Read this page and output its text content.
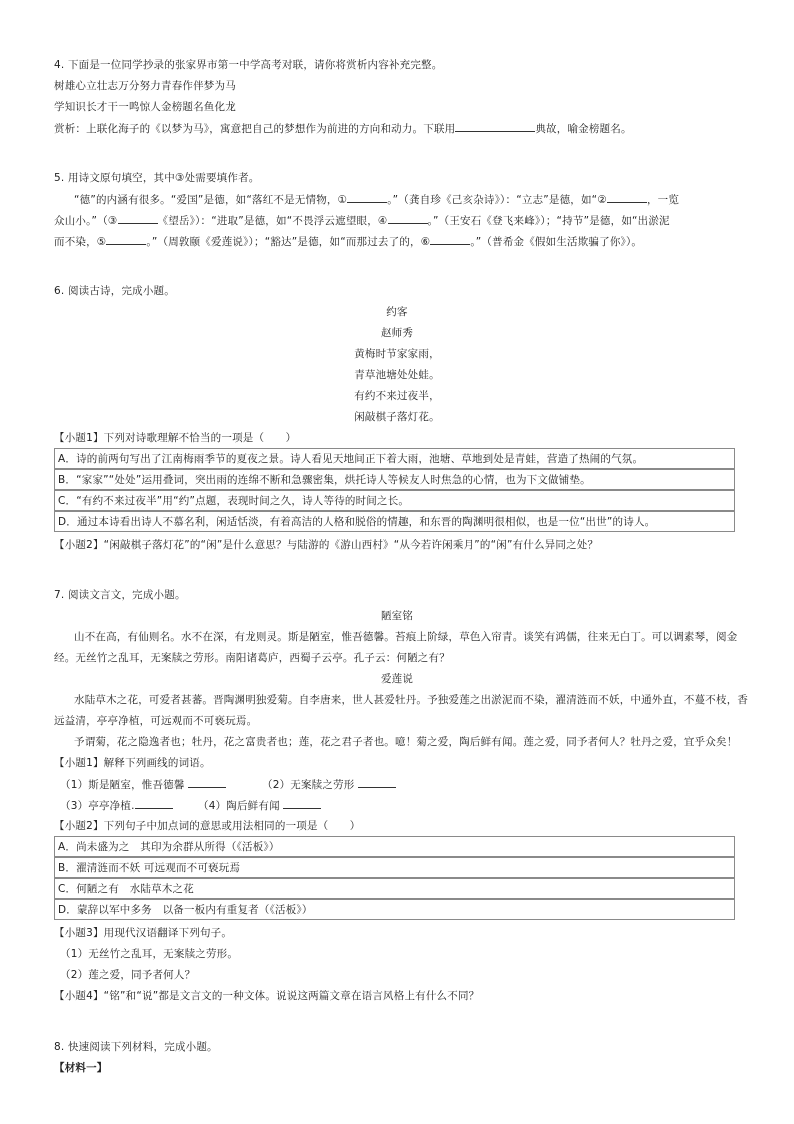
4. 下面是一位同学抄录的张家界市第一中学高考对联，请你将赏析内容补充完整。
树雄心立壮志万分努力青春作伴梦为马
学知识长才干一鸣惊人金榜题名鱼化龙
赏析：上联化海子的《以梦为马》，寓意把自己的梦想作为前进的方向和动力。下联用	典故，喻金榜题名。
5. 用诗文原句填空，其中③处需要填作者。
“德”的内涵有很多。“爱国”是德，如“落红不是无情物，①	。”（龚自珍《己亥杂诗》）：“立志”是德，如“②	，一览
众山小。”（③	《望岳》）：“进取”是德，如“不畏浮云遮望眼，④	。”（王安石《登飞来峰》）；“持节”是德，如“出淤泥
而不染，⑤	。”（周敦颐《爱莲说》）；“豁达”是德，如“而那过去了的，⑥	。”（普希金《假如生活欺骗了你》）。
6. 阅读古诗，完成小题。
约客
赵师秀
黄梅时节家家雨，
青草池塘处处蛙。
有约不来过夜半，
闲敲棋子落灯花。
【小题1】下列对诗歌理解不恰当的一项是（　　）
A．诗的前两句写出了江南梅雨季节的夏夜之景。诗人看见天地间正下着大雨，池塘、草地到处是青蛙，营造了热闹的气氛。
B．“家家”“处处”运用叠词，突出雨的连绵不断和急骤密集，烘托诗人等候友人时焦急的心情，也为下文做铺垫。
C．“有约不来过夜半”用“约”点题，表现时间之久，诗人等待的时间之长。
D．通过本诗看出诗人不慕名利，闲适恬淡，有着高洁的人格和脱俗的情趣，和东晋的陶渊明很相似，也是一位“出世”的诗人。
【小题2】“闲敲棋子落灯花”的“闲”是什么意思？与陆游的《游山西村》“从今若许闲乘月”的“闲”有什么异同之处？
7. 阅读文言文，完成小题。
陋室铭
山不在高，有仙则名。水不在深，有龙则灵。斯是陋室，惟吾德馨。苔痕上阶绿，草色入帘青。谈笑有鸿儒，往来无白丁。可以调素琴，阅金
经。无丝竹之乱耳，无案牍之劳形。南阳诸葛庐，西蜀子云亭。孔子云：何陋之有？
爱莲说
水陆草木之花，可爱者甚蕃。晋陶渊明独爱菊。自李唐来，世人甚爱牡丹。予独爱莲之出淤泥而不染，濯清涟而不妖，中通外直，不蔓不枝，香
远益清，亭亭净植，可远观而不可亵玩焉。
予谓菊，花之隐逸者也；牡丹，花之富贵者也；莲，花之君子者也。噫！菊之爱，陶后鲜有闻。莲之爱，同予者何人？牡丹之爱，宜乎众矣！
【小题1】解释下列画线的词语。
（1）斯是陋室，惟吾德馨	（2）无案牍之劳形
（3）亭亭净植.	（4）陶后鲜有闻
【小题2】下列句子中加点词的意思或用法相同的一项是（　　）
A．尚未盛为之　其印为余群从所得（《活板》）
B．濯清涟而不妖 可远观而不可亵玩焉
C．何陋之有　水陆草木之花
D．蒙辞以军中多务　以备一板内有重复者（《活板》）
【小题3】用现代汉语翻译下列句子。
（1）无丝竹之乱耳，无案牍之劳形。
（2）莲之爱，同予者何人？
【小题4】“铭”和“说”都是文言文的一种文体。说说这两篇文章在语言风格上有什么不同？
8. 快速阅读下列材料，完成小题。
【材料一】
